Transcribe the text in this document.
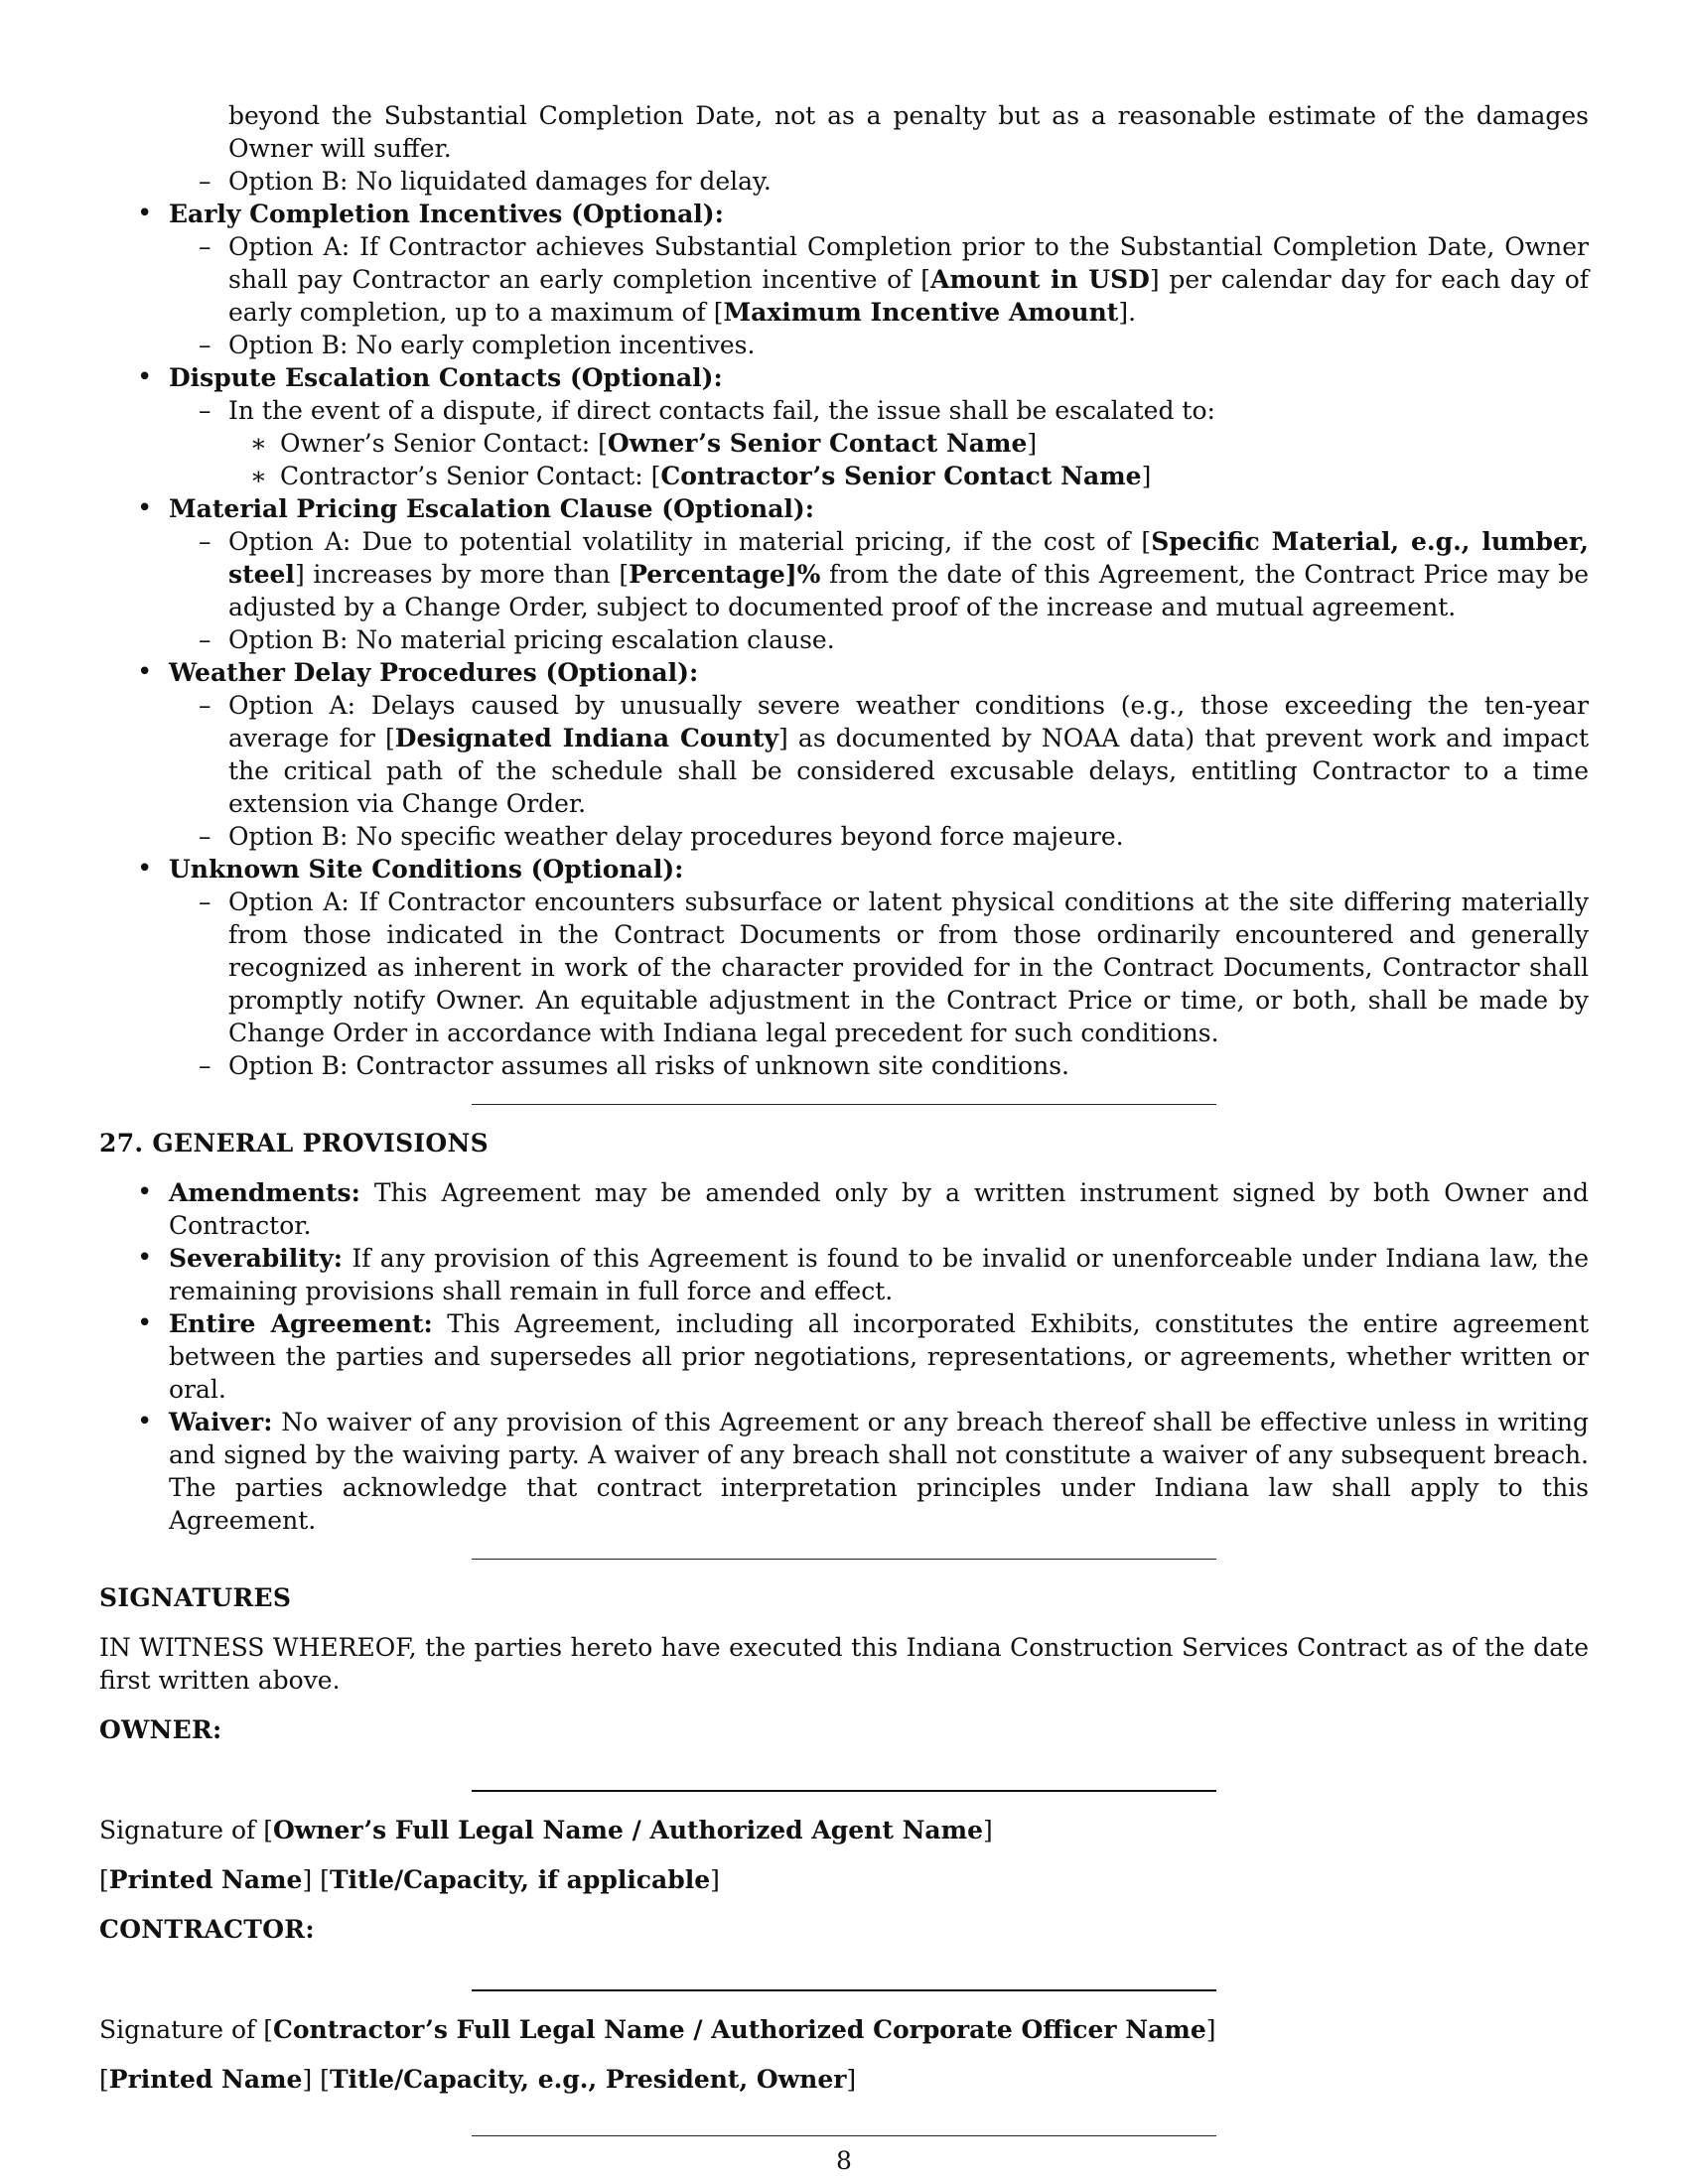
beyond the Substantial Completion Date, not as a penalty but as a reasonable estimate of the damages Owner will suffer.
– Option B: No liquidated damages for delay.
• Early Completion Incentives (Optional):
– Option A: If Contractor achieves Substantial Completion prior to the Substantial Completion Date, Owner shall pay Contractor an early completion incentive of [Amount in USD] per calendar day for each day of early completion, up to a maximum of [Maximum Incentive Amount].
– Option B: No early completion incentives.
• Dispute Escalation Contacts (Optional):
– In the event of a dispute, if direct contacts fail, the issue shall be escalated to:
∗ Owner’s Senior Contact: [Owner’s Senior Contact Name]
∗ Contractor’s Senior Contact: [Contractor’s Senior Contact Name]
• Material Pricing Escalation Clause (Optional):
– Option A: Due to potential volatility in material pricing, if the cost of [Specific Material, e.g., lumber, steel] increases by more than [Percentage]% from the date of this Agreement, the Contract Price may be adjusted by a Change Order, subject to documented proof of the increase and mutual agreement.
– Option B: No material pricing escalation clause.
• Weather Delay Procedures (Optional):
– Option A: Delays caused by unusually severe weather conditions (e.g., those exceeding the ten-year average for [Designated Indiana County] as documented by NOAA data) that prevent work and impact the critical path of the schedule shall be considered excusable delays, entitling Contractor to a time extension via Change Order.
– Option B: No specific weather delay procedures beyond force majeure.
• Unknown Site Conditions (Optional):
– Option A: If Contractor encounters subsurface or latent physical conditions at the site differing materially from those indicated in the Contract Documents or from those ordinarily encountered and generally recognized as inherent in work of the character provided for in the Contract Documents, Contractor shall promptly notify Owner. An equitable adjustment in the Contract Price or time, or both, shall be made by Change Order in accordance with Indiana legal precedent for such conditions.
– Option B: Contractor assumes all risks of unknown site conditions.
27. GENERAL PROVISIONS
• Amendments: This Agreement may be amended only by a written instrument signed by both Owner and Contractor.
• Severability: If any provision of this Agreement is found to be invalid or unenforceable under Indiana law, the remaining provisions shall remain in full force and effect.
• Entire Agreement: This Agreement, including all incorporated Exhibits, constitutes the entire agreement between the parties and supersedes all prior negotiations, representations, or agreements, whether written or oral.
• Waiver: No waiver of any provision of this Agreement or any breach thereof shall be effective unless in writing and signed by the waiving party. A waiver of any breach shall not constitute a waiver of any subsequent breach. The parties acknowledge that contract interpretation principles under Indiana law shall apply to this Agreement.
SIGNATURES
IN WITNESS WHEREOF, the parties hereto have executed this Indiana Construction Services Contract as of the date first written above.
OWNER:
Signature of [Owner’s Full Legal Name / Authorized Agent Name]
[Printed Name] [Title/Capacity, if applicable]
CONTRACTOR:
Signature of [Contractor’s Full Legal Name / Authorized Corporate Officer Name]
[Printed Name] [Title/Capacity, e.g., President, Owner]
8
